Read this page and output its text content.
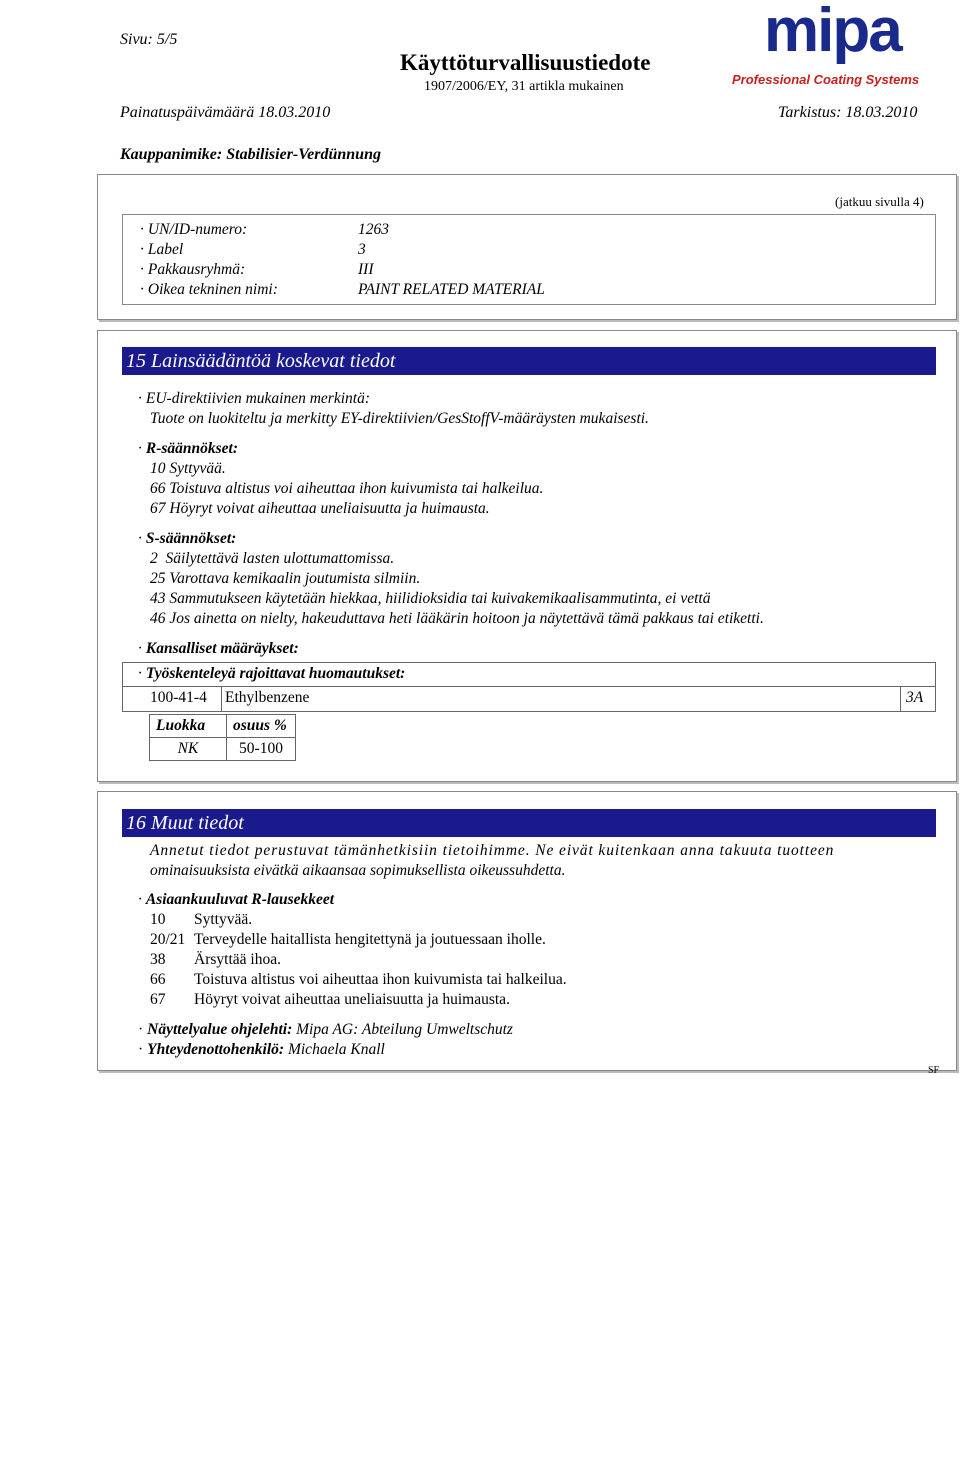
Sivu: 5/5
Käyttöturvallisuustiedote
1907/2006/EY, 31 artikla mukainen
mipa
Professional Coating Systems
Painatuspäivämäärä 18.03.2010	Tarkistus: 18.03.2010
Kauppanimike: Stabilisier-Verdünnung
(jatkuu sivulla 4)
· UN/ID-numero:	1263
· Label	3
· Pakkausryhmä:	III
· Oikea tekninen nimi:	PAINT RELATED MATERIAL
15 Lainsäädäntöä koskevat tiedot
· EU-direktiivien mukainen merkintä:
Tuote on luokiteltu ja merkitty EY-direktiivien/GesStoffV-määräysten mukaisesti.
· R-säännökset:
10 Syttyvää.
66 Toistuva altistus voi aiheuttaa ihon kuivumista tai halkeilua.
67 Höyryt voivat aiheuttaa uneliaisuutta ja huimausta.
· S-säännökset:
2  Säilytettävä lasten ulottumattomissa.
25 Varottava kemikaalin joutumista silmiin.
43 Sammutukseen käytetään hiekkaa, hiilidioksidia tai kuivakemikaalisammutinta, ei vettä
46 Jos ainetta on nielty, hakeuduttava heti lääkärin hoitoon ja näytettävä tämä pakkaus tai etiketti.
· Kansalliset määräykset:
· Työskenteleyä rajoittavat huomautukset:
100-41-4 Ethylbenzene	3A
Luokka	osuus %
NK	50-100
16 Muut tiedot
Annetut tiedot perustuvat tämänhetkisiin tietoihimme. Ne eivät kuitenkaan anna takuuta tuotteen
ominaisuuksista eivätkä aikaansaa sopimuksellista oikeussuhdetta.
· Asiaankuuluvat R-lausekkeet
10 Syttyvää.
20/21 Terveydelle haitallista hengitettynä ja joutuessaan iholle.
38 Ärsyttää ihoa.
66 Toistuva altistus voi aiheuttaa ihon kuivumista tai halkeilua.
67 Höyryt voivat aiheuttaa uneliaisuutta ja huimausta.
· Näyttelyalue ohjelehti: Mipa AG: Abteilung Umweltschutz
· Yhteydenottohenkilö: Michaela Knall
SF
